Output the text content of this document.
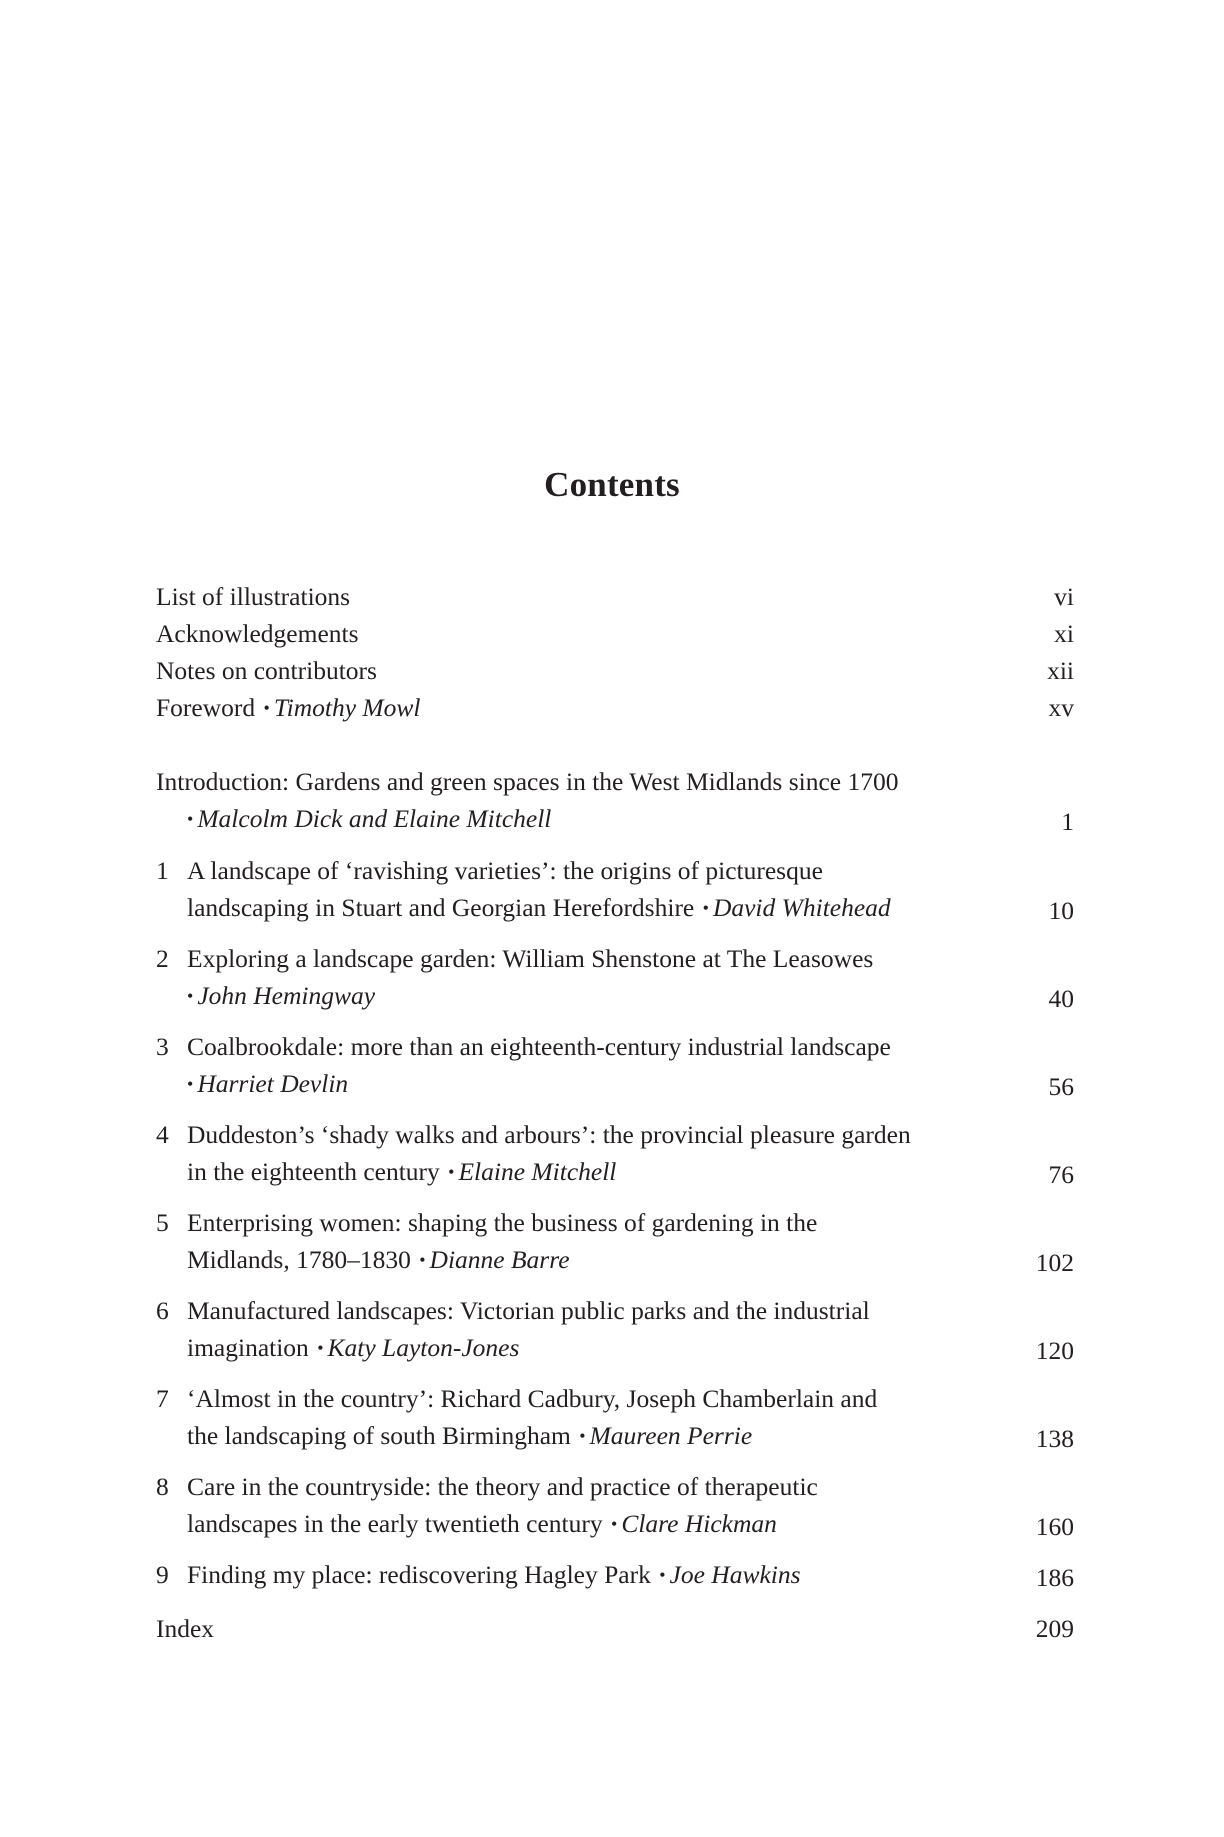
Contents
List of illustrations	vi
Acknowledgements	xi
Notes on contributors	xii
Foreword • Timothy Mowl	xv
Introduction: Gardens and green spaces in the West Midlands since 1700
• Malcolm Dick and Elaine Mitchell	1
1 A landscape of ‘ravishing varieties’: the origins of picturesque
landscaping in Stuart and Georgian Herefordshire • David Whitehead	10
2 Exploring a landscape garden: William Shenstone at The Leasowes
• John Hemingway	40
3 Coalbrookdale: more than an eighteenth-century industrial landscape
• Harriet Devlin	56
4 Duddeston’s ‘shady walks and arbours’: the provincial pleasure garden
in the eighteenth century • Elaine Mitchell	76
5 Enterprising women: shaping the business of gardening in the
Midlands, 1780–1830 • Dianne Barre	102
6 Manufactured landscapes: Victorian public parks and the industrial
imagination • Katy Layton-Jones	120
7 ‘Almost in the country’: Richard Cadbury, Joseph Chamberlain and
the landscaping of south Birmingham • Maureen Perrie	138
8 Care in the countryside: the theory and practice of therapeutic
landscapes in the early twentieth century • Clare Hickman	160
9 Finding my place: rediscovering Hagley Park • Joe Hawkins	186
Index	209
